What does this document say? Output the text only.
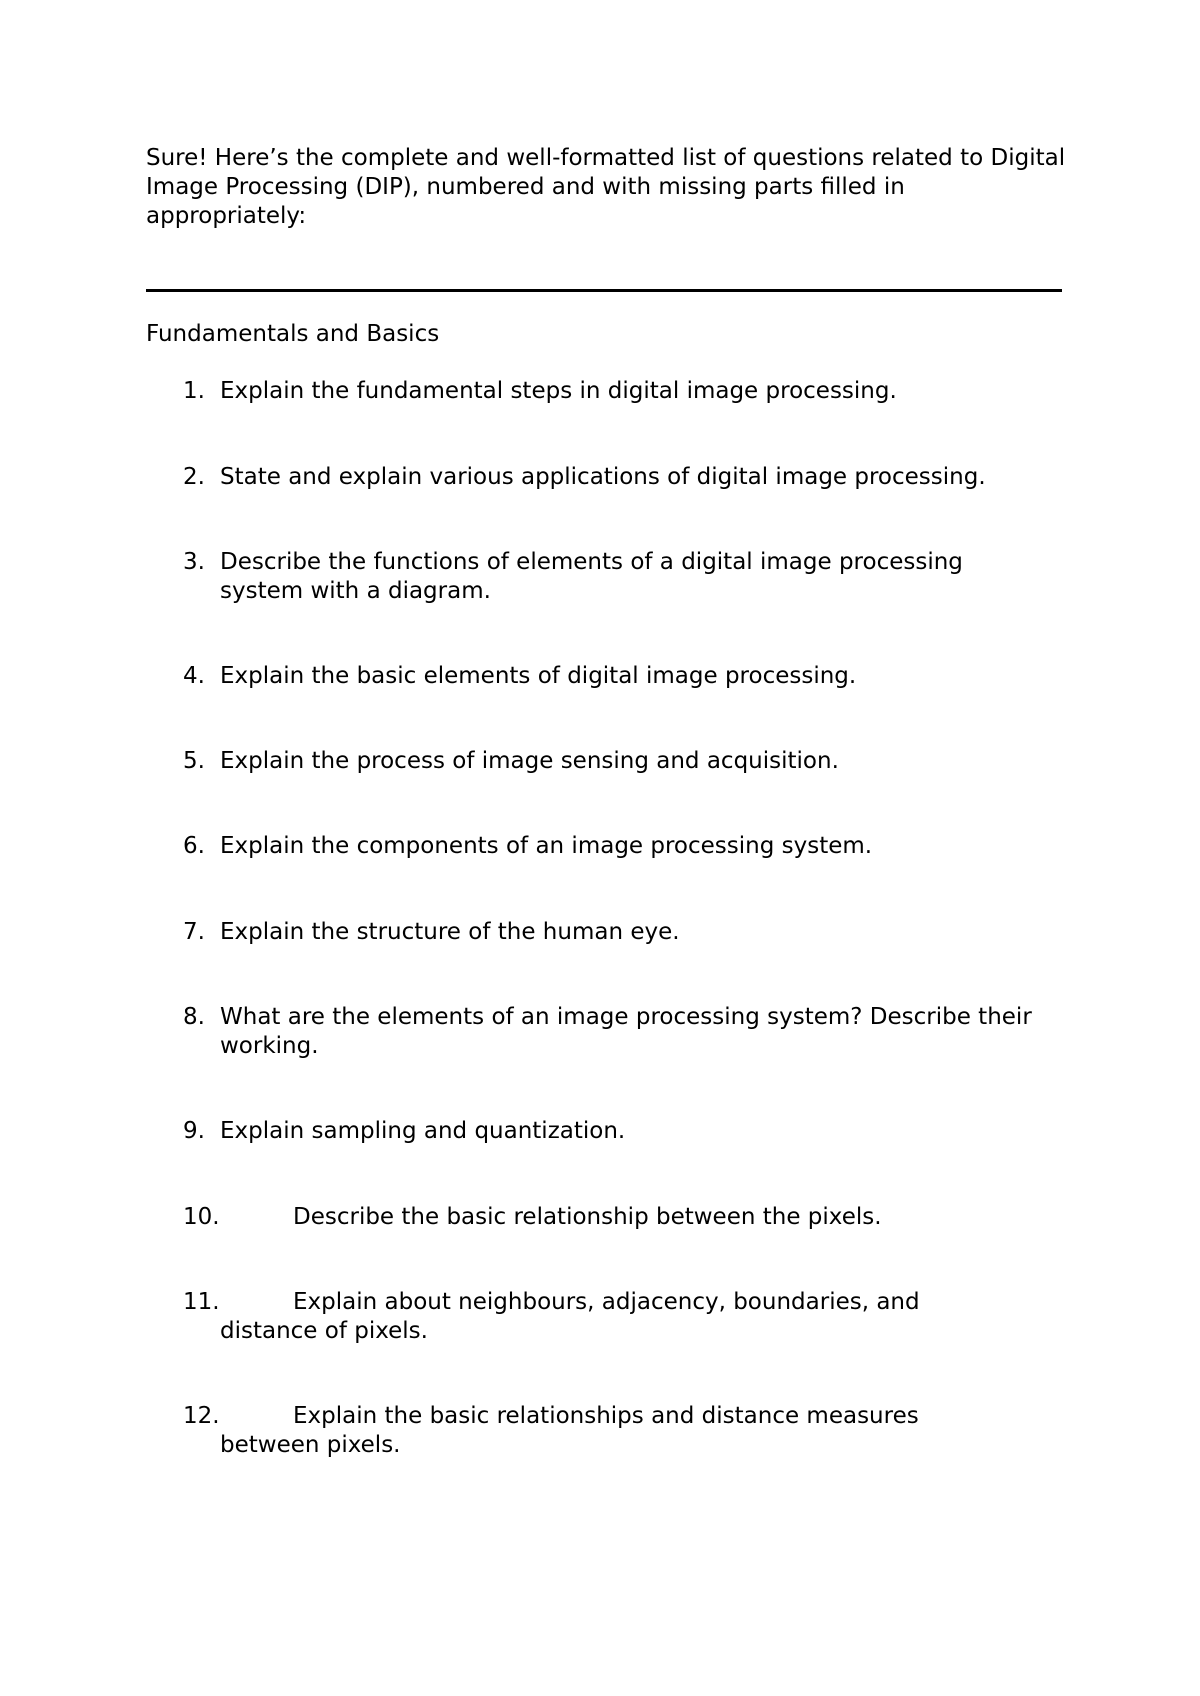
Sure! Here’s the complete and well-formatted list of questions related to Digital Image Processing (DIP), numbered and with missing parts filled in appropriately:

Fundamentals and Basics
1. Explain the fundamental steps in digital image processing.
2. State and explain various applications of digital image processing.
3. Describe the functions of elements of a digital image processing system with a diagram.
4. Explain the basic elements of digital image processing.
5. Explain the process of image sensing and acquisition.
6. Explain the components of an image processing system.
7. Explain the structure of the human eye.
8. What are the elements of an image processing system? Describe their working.
9. Explain sampling and quantization.
10.	Describe the basic relationship between the pixels.
11.	Explain about neighbours, adjacency, boundaries, and distance of pixels.
12.	Explain the basic relationships and distance measures between pixels.
